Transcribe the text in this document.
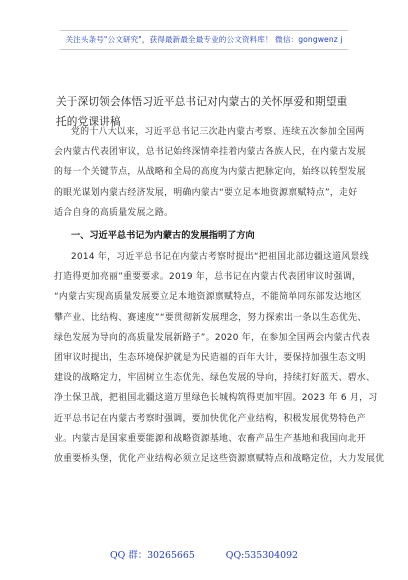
关注头条号"公文研究"，获得最新最全最专业的公文资料库！ 微信：gongwenz j
关于深切领会体悟习近平总书记对内蒙古的关怀厚爱和期望重托的党课讲稿

党的十八大以来，习近平总书记三次赴内蒙古考察、连续五次参加全国两
会内蒙古代表团审议，总书记始终深情牵挂着内蒙古各族人民，在内蒙古发展
的每一个关键节点，从战略和全局的高度为内蒙古把脉定向，始终以转型发展
的眼光谋划内蒙古经济发展，明确内蒙古“要立足本地资源禀赋特点”，走好
适合自身的高质量发展之路。

一、习近平总书记为内蒙古的发展指明了方向

2014 年，习近平总书记在内蒙古考察时提出“把祖国北部边疆这道风景线
打造得更加亮丽”重要要求。2019 年，总书记在内蒙古代表团审议时强调，
“内蒙古实现高质量发展要立足本地资源禀赋特点，不能简单同东部发达地区
攀产业、比结构、赛速度”“要贯彻新发展理念，努力探索出一条以生态优先、
绿色发展为导向的高质量发展新路子”。2020 年，在参加全国两会内蒙古代表
团审议时提出，生态环境保护就是为民造福的百年大计，要保持加强生态文明
建设的战略定力，牢固树立生态优先、绿色发展的导向，持续打好蓝天、碧水、
净土保卫战，把祖国北疆这道万里绿色长城构筑得更加牢固。2023 年 6 月，习
近平总书记在内蒙古考察时强调，要加快优化产业结构，积极发展优势特色产
业。内蒙古是国家重要能源和战略资源基地、农畜产品生产基地和我国向北开
放重要桥头堡，优化产业结构必须立足这些资源禀赋特点和战略定位，大力发展优

QQ 群：30265665	QQ:535304092
